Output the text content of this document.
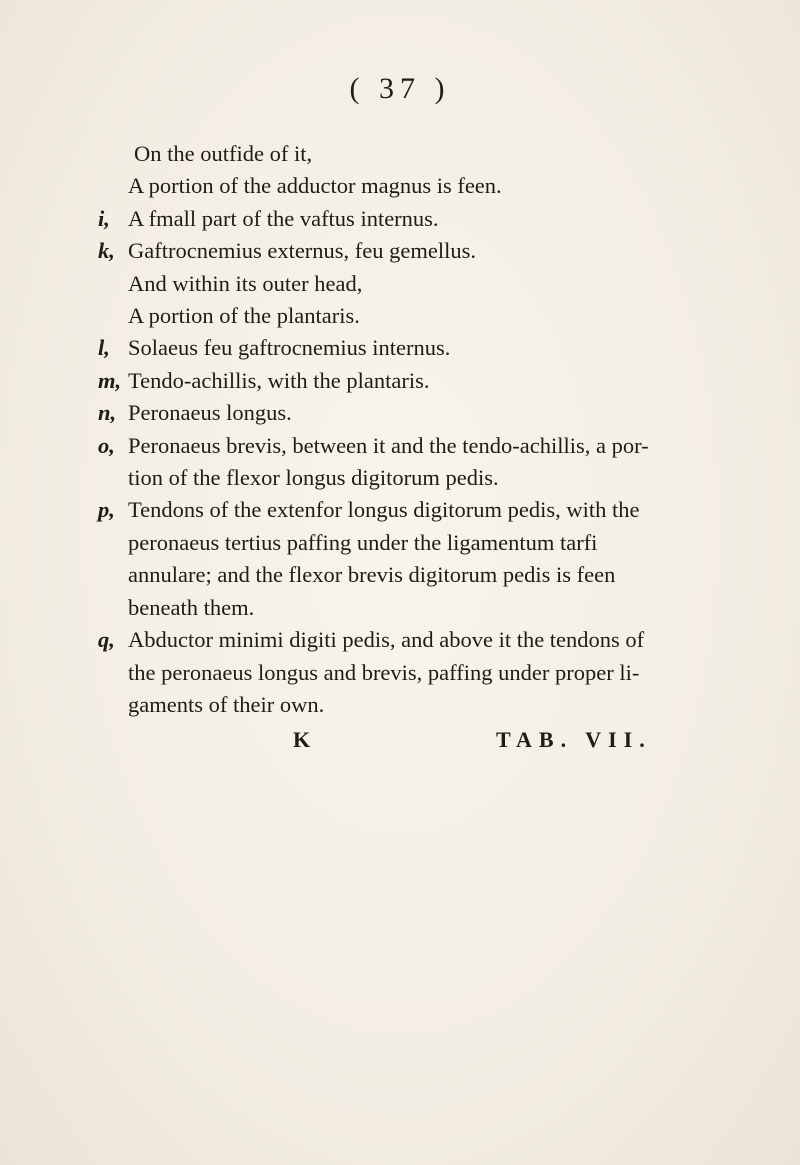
( 37 )
On the outfide of it,
A portion of the adductor magnus is feen.
i, A fmall part of the vaftus internus.
k, Gaftrocnemius externus, feu gemellus.
And within its outer head,
A portion of the plantaris.
l, Solaeus feu gaftrocnemius internus.
m, Tendo-achillis, with the plantaris.
n, Peronaeus longus.
o, Peronaeus brevis, between it and the tendo-achillis, a por-
tion of the flexor longus digitorum pedis.
p, Tendons of the extenfor longus digitorum pedis, with the
peronaeus tertius paffing under the ligamentum tarfi
annulare; and the flexor brevis digitorum pedis is feen
beneath them.
q, Abductor minimi digiti pedis, and above it the tendons of
the peronaeus longus and brevis, paffing under proper li-
gaments of their own.
K	TAB. VII.
